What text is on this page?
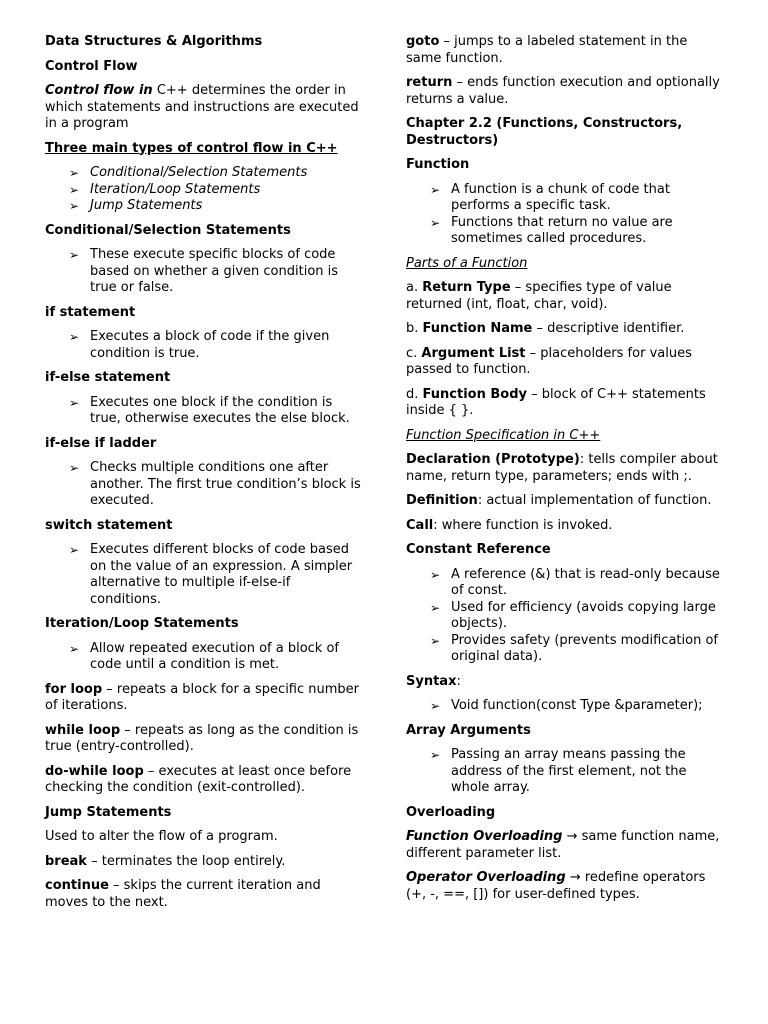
Data Structures & Algorithms

Control Flow

Control flow in C++ determines the order in which statements and instructions are executed in a program

Three main types of control flow in C++

➢ Conditional/Selection Statements
➢ Iteration/Loop Statements
➢ Jump Statements

Conditional/Selection Statements

➢ These execute specific blocks of code based on whether a given condition is true or false.

if statement

➢ Executes a block of code if the given condition is true.

if-else statement

➢ Executes one block if the condition is true, otherwise executes the else block.

if-else if ladder

➢ Checks multiple conditions one after another. The first true condition’s block is executed.

switch statement

➢ Executes different blocks of code based on the value of an expression. A simpler alternative to multiple if-else-if conditions.

Iteration/Loop Statements

➢ Allow repeated execution of a block of code until a condition is met.

for loop – repeats a block for a specific number of iterations.

while loop – repeats as long as the condition is true (entry-controlled).

do-while loop – executes at least once before checking the condition (exit-controlled).

Jump Statements

Used to alter the flow of a program.

break – terminates the loop entirely.

continue – skips the current iteration and moves to the next.

goto – jumps to a labeled statement in the same function.

return – ends function execution and optionally returns a value.

Chapter 2.2 (Functions, Constructors, Destructors)

Function

➢ A function is a chunk of code that performs a specific task.
➢ Functions that return no value are sometimes called procedures.

Parts of a Function

a. Return Type – specifies type of value returned (int, float, char, void).

b. Function Name – descriptive identifier.

c. Argument List – placeholders for values passed to function.

d. Function Body – block of C++ statements inside { }.

Function Specification in C++

Declaration (Prototype): tells compiler about name, return type, parameters; ends with ;.

Definition: actual implementation of function.

Call: where function is invoked.

Constant Reference

➢ A reference (&) that is read-only because of const.
➢ Used for efficiency (avoids copying large objects).
➢ Provides safety (prevents modification of original data).

Syntax:

➢ Void function(const Type &parameter);

Array Arguments

➢ Passing an array means passing the address of the first element, not the whole array.

Overloading

Function Overloading → same function name, different parameter list.

Operator Overloading → redefine operators (+, -, ==, []) for user-defined types.
